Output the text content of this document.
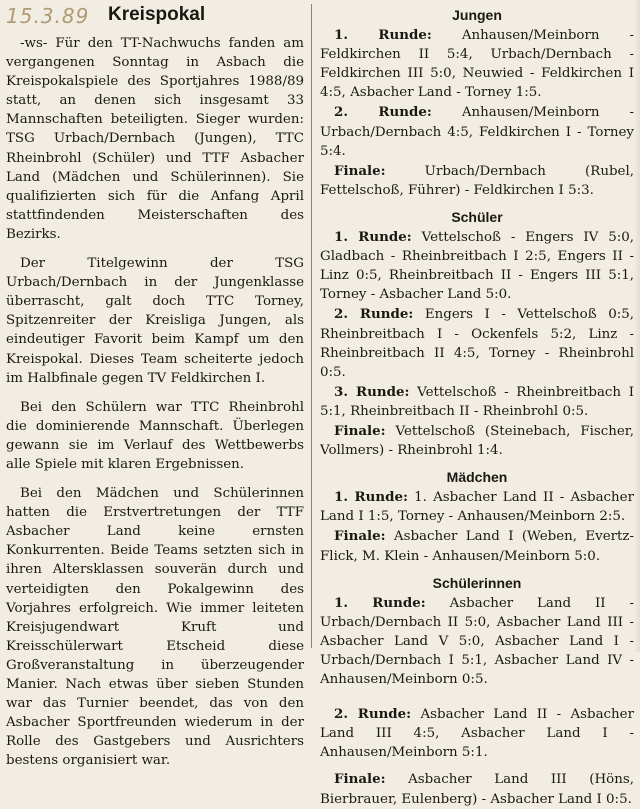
15.3.89 Kreispokal

-ws- Für den TT-Nachwuchs fanden am vergangenen Sonntag in Asbach die Kreispokalspiele des Sportjahres 1988/89 statt, an denen sich insgesamt 33 Mannschaften beteiligten. Sieger wurden: TSG Urbach/Dernbach (Jungen), TTC Rheinbrohl (Schüler) und TTF Asbacher Land (Mädchen und Schülerinnen). Sie qualifizierten sich für die Anfang April stattfindenden Meisterschaften des Bezirks.

Der Titelgewinn der TSG Urbach/Dernbach in der Jungenklasse überrascht, galt doch TTC Torney, Spitzenreiter der Kreisliga Jungen, als eindeutiger Favorit beim Kampf um den Kreispokal. Dieses Team scheiterte jedoch im Halbfinale gegen TV Feldkirchen I.

Bei den Schülern war TTC Rheinbrohl die dominierende Mannschaft. Überlegen gewann sie im Verlauf des Wettbewerbs alle Spiele mit klaren Ergebnissen.

Bei den Mädchen und Schülerinnen hatten die Erstvertretungen der TTF Asbacher Land keine ernsten Konkurrenten. Beide Teams setzten sich in ihren Altersklassen souverän durch und verteidigten den Pokalgewinn des Vorjahres erfolgreich. Wie immer leiteten Kreisjugendwart Kruft und Kreisschülerwart Etscheid diese Großveranstaltung in überzeugender Manier. Nach etwas über sieben Stunden war das Turnier beendet, das von den Asbacher Sportfreunden wiederum in der Rolle des Gastgebers und Ausrichters bestens organisiert war.

Jungen

1. Runde: Anhausen/Meinborn - Feldkirchen II 5:4, Urbach/Dernbach - Feldkirchen III 5:0, Neuwied - Feldkirchen I 4:5, Asbacher Land - Torney 1:5.

2. Runde: Anhausen/Meinborn - Urbach/Dernbach 4:5, Feldkirchen I - Torney 5:4.

Finale:	Urbach/Dernbach (Rubel, Fettelschoß, Führer) - Feldkirchen I 5:3.

Schüler

1. Runde: Vettelschoß - Engers IV 5:0, Gladbach - Rheinbreitbach I 2:5, Engers II - Linz 0:5, Rheinbreitbach II - Engers III 5:1, Torney - Asbacher Land 5:0.

2. Runde: Engers I - Vettelschoß 0:5, Rheinbreitbach I - Ockenfels 5:2, Linz - Rheinbreitbach II 4:5, Torney - Rheinbrohl 0:5.

3. Runde: Vettelschoß - Rheinbreitbach I 5:1, Rheinbreitbach II - Rheinbrohl 0:5.

Finale: Vettelschoß (Steinebach, Fischer, Vollmers) - Rheinbrohl 1:4.

Mädchen

1. Runde: 1. Asbacher Land II - Asbacher Land I 1:5, Torney - Anhausen/Meinborn 2:5.

Finale: Asbacher Land I (Weben, Evertz-Flick, M. Klein - Anhausen/Meinborn 5:0.

Schülerinnen

1. Runde: Asbacher Land II - Urbach/Dernbach II 5:0, Asbacher Land III - Asbacher Land V 5:0, Asbacher Land I - Urbach/Dernbach I 5:1, Asbacher Land IV - Anhausen/Meinborn 0:5.

2. Runde: Asbacher Land II - Asbacher Land III 4:5, Asbacher Land I - Anhausen/Meinborn 5:1.

Finale: Asbacher Land III (Höns, Bierbrauer, Eulenberg) - Asbacher Land I 0:5.
